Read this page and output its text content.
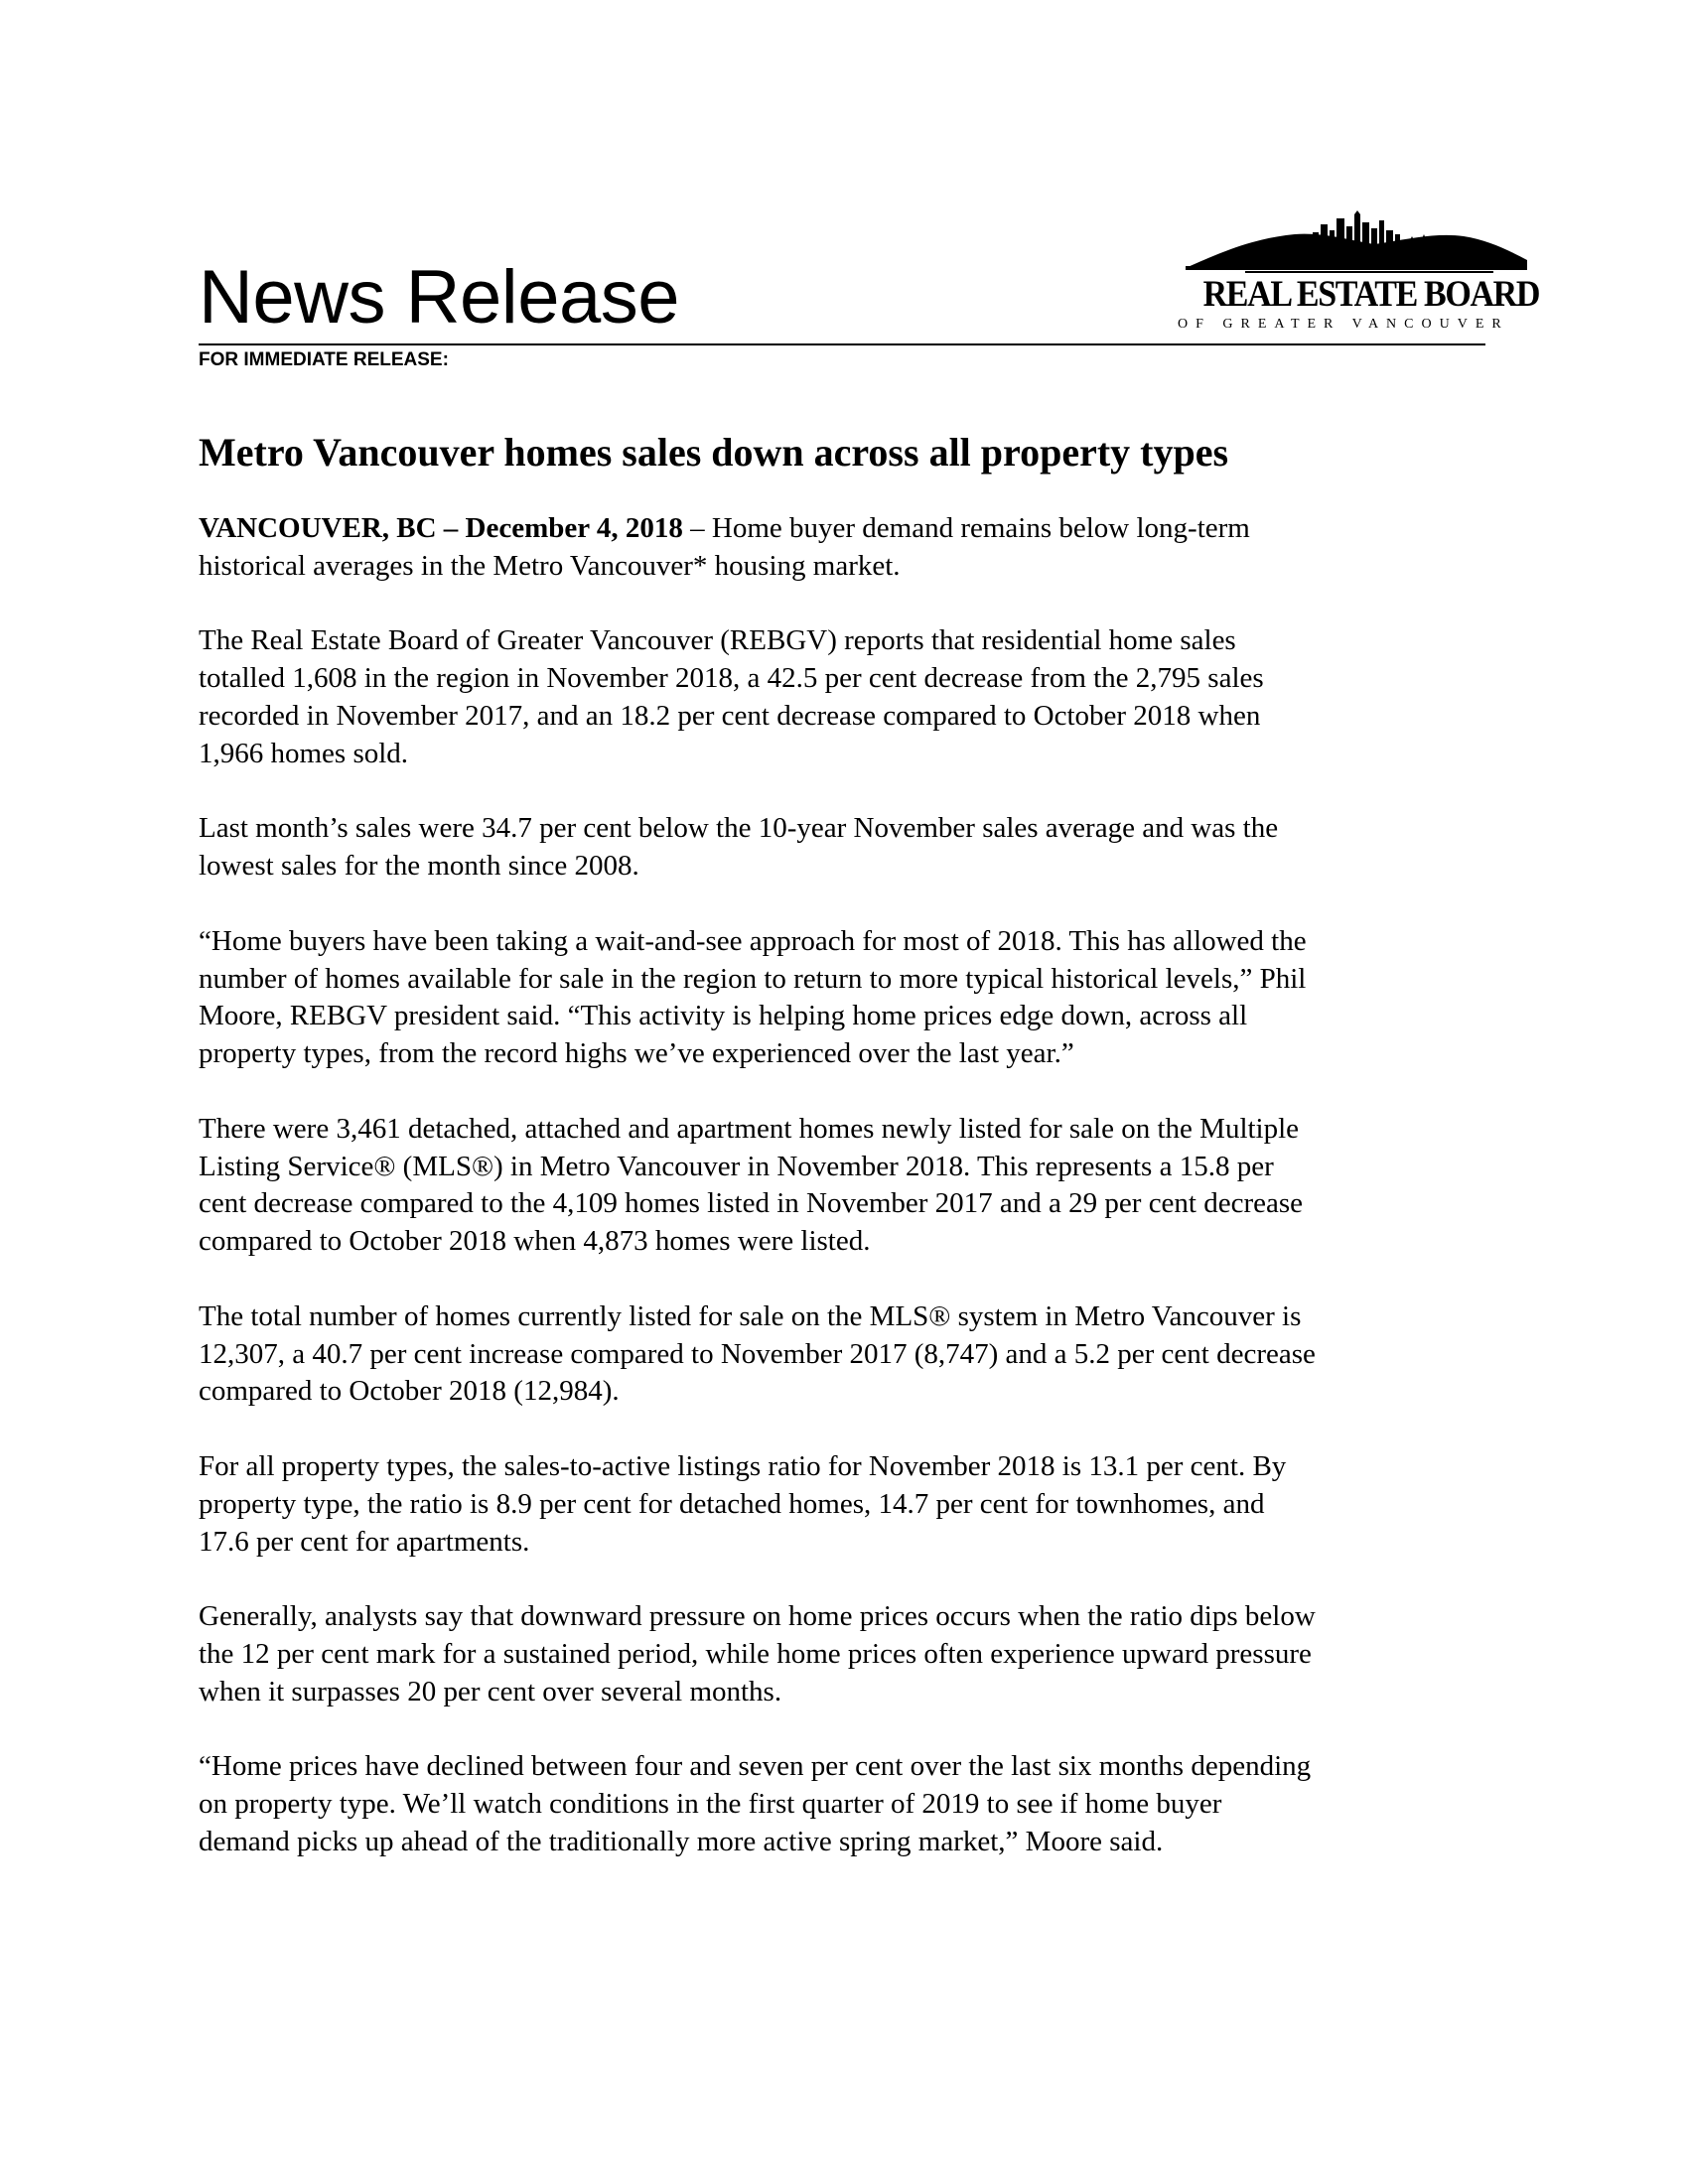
News Release	REAL ESTATE BOARD
OF GREATER VANCOUVER
FOR IMMEDIATE RELEASE:
Metro Vancouver homes sales down across all property types

VANCOUVER, BC – December 4, 2018 – Home buyer demand remains below long-term
historical averages in the Metro Vancouver* housing market.

The Real Estate Board of Greater Vancouver (REBGV) reports that residential home sales
totalled 1,608 in the region in November 2018, a 42.5 per cent decrease from the 2,795 sales
recorded in November 2017, and an 18.2 per cent decrease compared to October 2018 when
1,966 homes sold.

Last month’s sales were 34.7 per cent below the 10-year November sales average and was the
lowest sales for the month since 2008.

“Home buyers have been taking a wait-and-see approach for most of 2018. This has allowed the
number of homes available for sale in the region to return to more typical historical levels,” Phil
Moore, REBGV president said. “This activity is helping home prices edge down, across all
property types, from the record highs we’ve experienced over the last year.”

There were 3,461 detached, attached and apartment homes newly listed for sale on the Multiple
Listing Service® (MLS®) in Metro Vancouver in November 2018. This represents a 15.8 per
cent decrease compared to the 4,109 homes listed in November 2017 and a 29 per cent decrease
compared to October 2018 when 4,873 homes were listed.

The total number of homes currently listed for sale on the MLS® system in Metro Vancouver is
12,307, a 40.7 per cent increase compared to November 2017 (8,747) and a 5.2 per cent decrease
compared to October 2018 (12,984).

For all property types, the sales-to-active listings ratio for November 2018 is 13.1 per cent. By
property type, the ratio is 8.9 per cent for detached homes, 14.7 per cent for townhomes, and
17.6 per cent for apartments.

Generally, analysts say that downward pressure on home prices occurs when the ratio dips below
the 12 per cent mark for a sustained period, while home prices often experience upward pressure
when it surpasses 20 per cent over several months.

“Home prices have declined between four and seven per cent over the last six months depending
on property type. We’ll watch conditions in the first quarter of 2019 to see if home buyer
demand picks up ahead of the traditionally more active spring market,” Moore said.
